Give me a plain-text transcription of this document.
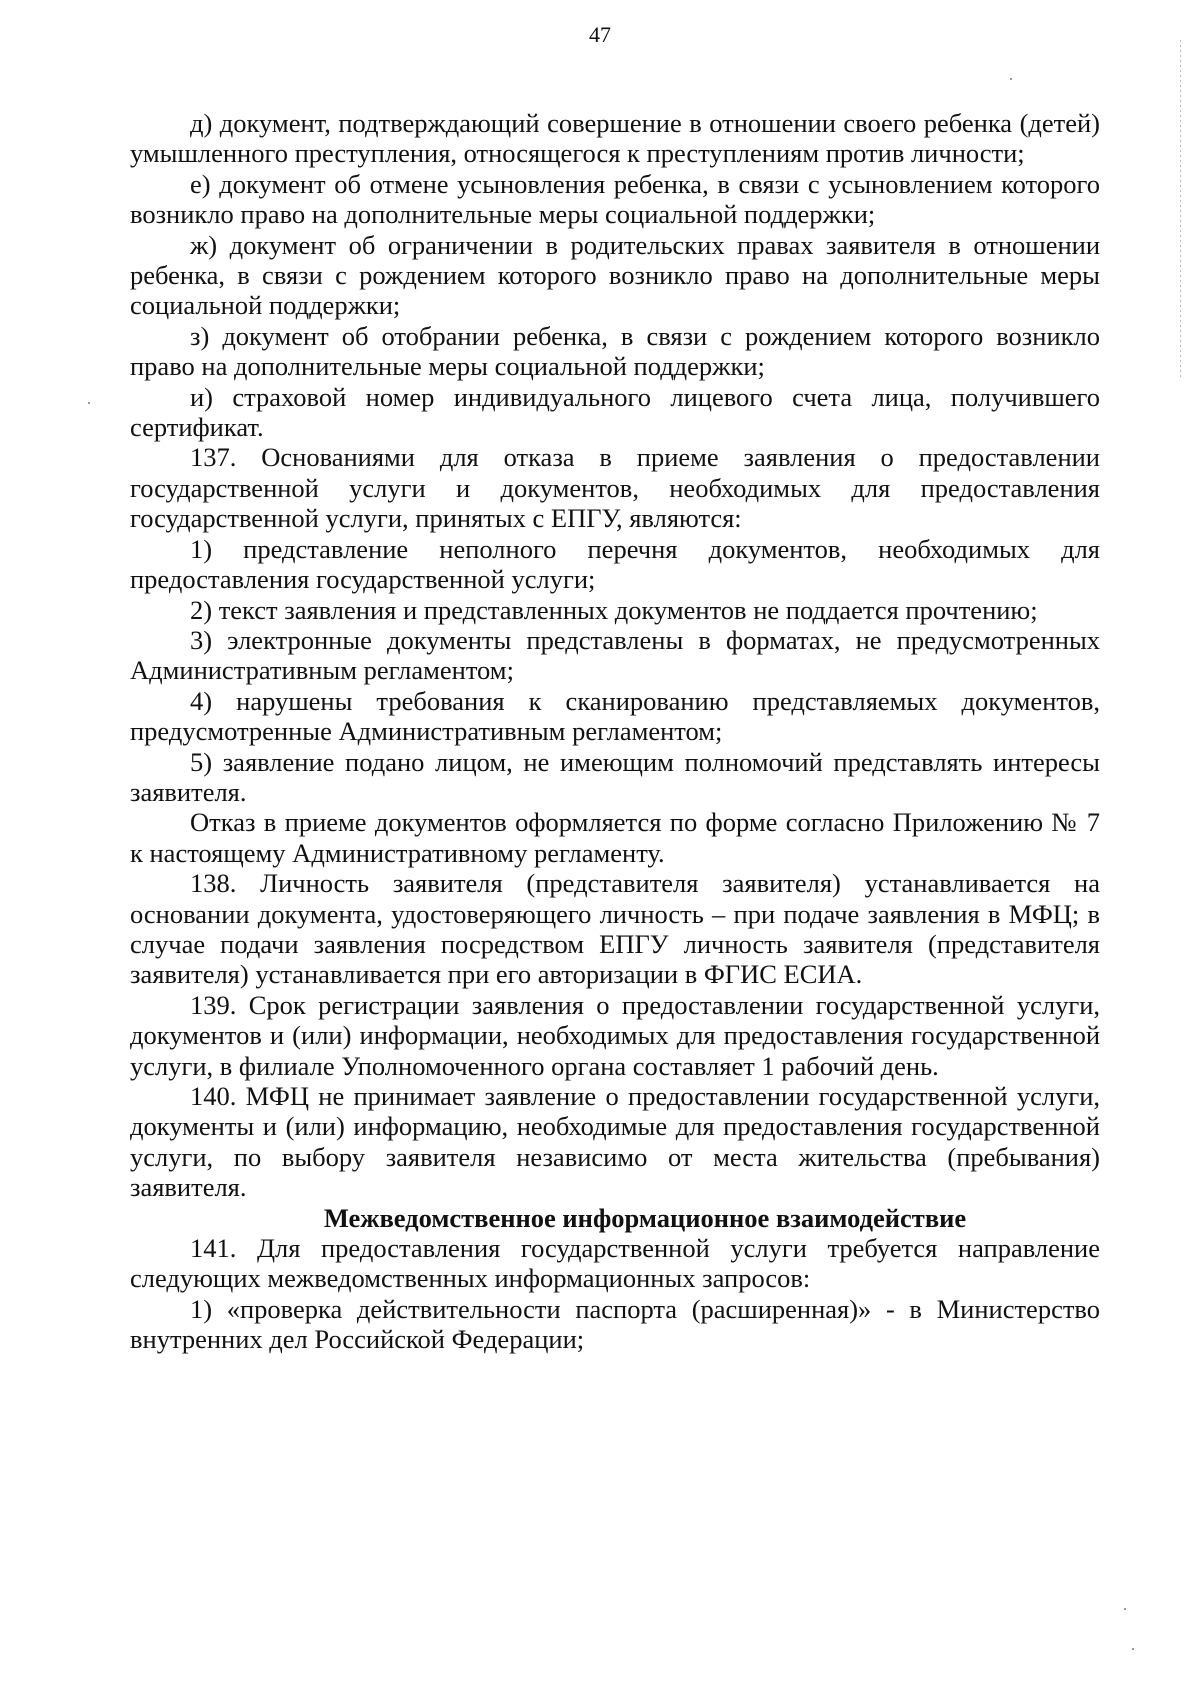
47

д) документ, подтверждающий совершение в отношении своего ребенка (детей) умышленного преступления, относящегося к преступлениям против личности;

е) документ об отмене усыновления ребенка, в связи с усыновлением которого возникло право на дополнительные меры социальной поддержки;

ж) документ об ограничении в родительских правах заявителя в отношении ребенка, в связи с рождением которого возникло право на дополнительные меры социальной поддержки;

з) документ об отобрании ребенка, в связи с рождением которого возникло право на дополнительные меры социальной поддержки;

и) страховой номер индивидуального лицевого счета лица, получившего сертификат.

137. Основаниями для отказа в приеме заявления о предоставлении государственной услуги и документов, необходимых для предоставления государственной услуги, принятых с ЕПГУ, являются:

1) представление неполного перечня документов, необходимых для предоставления государственной услуги;

2) текст заявления и представленных документов не поддается прочтению;

3) электронные документы представлены в форматах, не предусмотренных Административным регламентом;

4) нарушены требования к сканированию представляемых документов, предусмотренные Административным регламентом;

5) заявление подано лицом, не имеющим полномочий представлять интересы заявителя.

Отказ в приеме документов оформляется по форме согласно Приложению № 7 к настоящему Административному регламенту.

138. Личность заявителя (представителя заявителя) устанавливается на основании документа, удостоверяющего личность – при подаче заявления в МФЦ; в случае подачи заявления посредством ЕПГУ личность заявителя (представителя заявителя) устанавливается при его авторизации в ФГИС ЕСИА.

139. Срок регистрации заявления о предоставлении государственной услуги, документов и (или) информации, необходимых для предоставления государственной услуги, в филиале Уполномоченного органа составляет 1 рабочий день.

140. МФЦ не принимает заявление о предоставлении государственной услуги, документы и (или) информацию, необходимые для предоставления государственной услуги, по выбору заявителя независимо от места жительства (пребывания) заявителя.

Межведомственное информационное взаимодействие

141. Для предоставления государственной услуги требуется направление следующих межведомственных информационных запросов:

1) «проверка действительности паспорта (расширенная)» - в Министерство внутренних дел Российской Федерации;
